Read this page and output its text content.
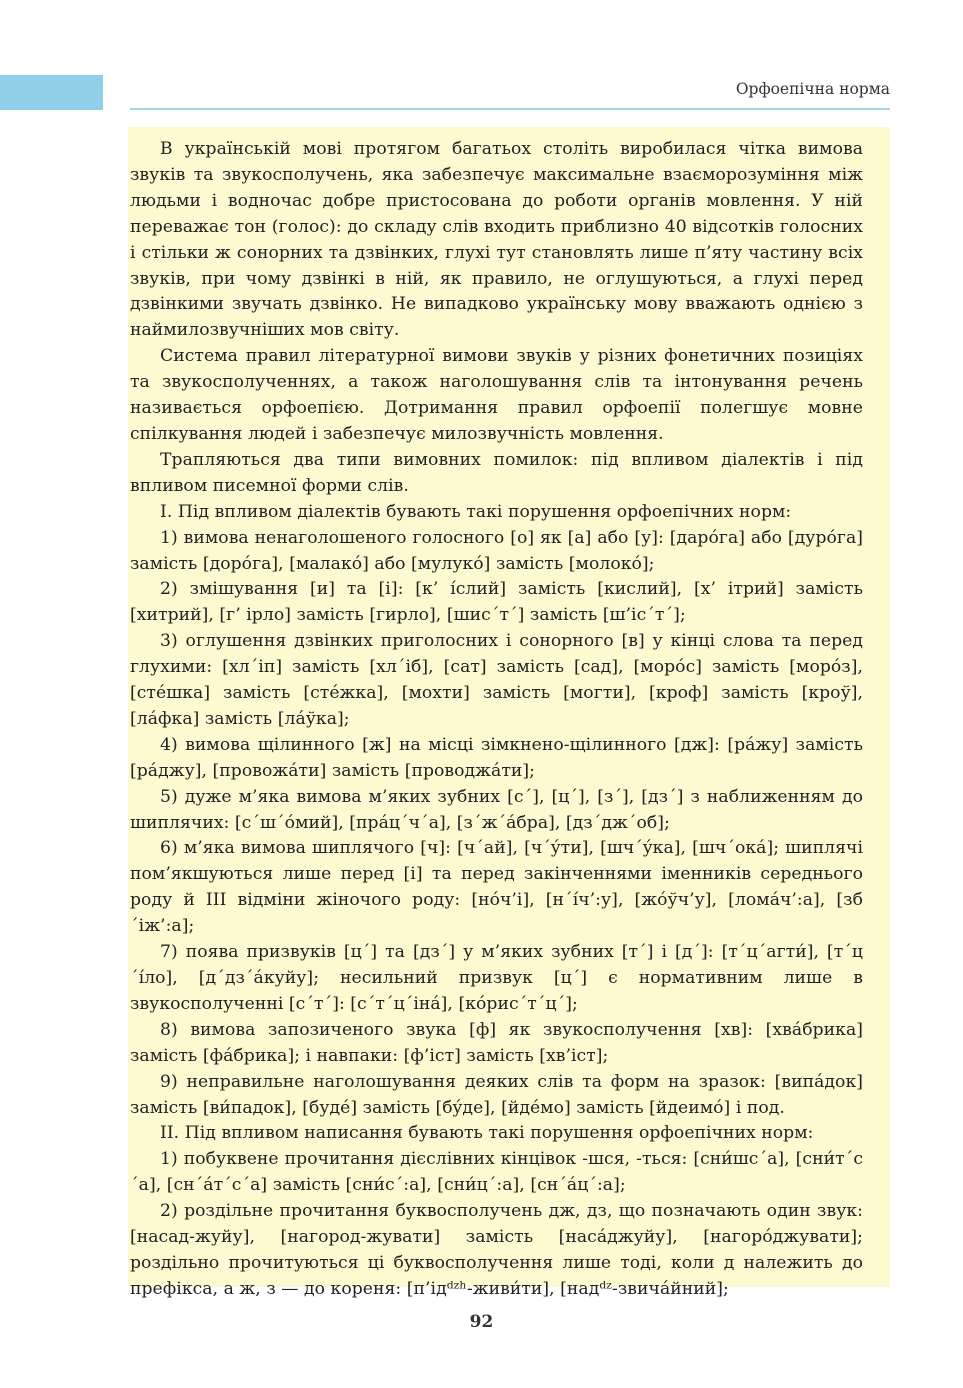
Орфоепічна норма

В українській мові протягом багатьох століть виробилася чітка вимова звуків та звукосполучень, яка забезпечує максимальне взаєморозуміння між людьми і водночас добре пристосована до роботи органів мовлення. У ній переважає тон (голос): до складу слів входить приблизно 40 відсотків голосних і стільки ж сонорних та дзвінких, глухі тут становлять лише п’яту частину всіх звуків, при чому дзвінкі в ній, як правило, не оглушуються, а глухі перед дзвінкими звучать дзвінко. Не випадково українську мову вважають однією з наймилозвучніших мов світу.

Система правил літературної вимови звуків у різних фонетичних позиціях та звукосполученнях, а також наголошування слів та інтонування речень називається орфоепією. Дотримання правил орфоепії полегшує мовне спілкування людей і забезпечує милозвучність мовлення.

Трапляються два типи вимовних помилок: під впливом діалектів і під впливом писемної форми слів.

І. Під впливом діалектів бувають такі порушення орфоепічних норм:

1) вимова ненаголошеного голосного [о] як [а] або [у]: [дарóга] або [дурóга] замість [дорóга], [малакó] або [мулукó] замість [молокó];

2) змішування [и] та [і]: [к’ íслий] замість [кислий], [х’ ітрий] замість [хитрий], [г’ ірло] замість [гирло], [шис´т´] замість [ш’іс´т´];

3) оглушення дзвінких приголосних і сонорного [в] у кінці слова та перед глухими: [хл´іп] замість [хл´іб], [сат] замість [сад], [морóс] замість [морóз], [стéшка] замість [стéжка], [мохти] замість [могти], [кроф] замість [кроў], [лáфка] замість [лáўка];

4) вимова щілинного [ж] на місці зімкнено-щілинного [дж]: [рáжу] замість [рáджу], [провожáти] замість [проводжáти];

5) дуже м’яка вимова м’яких зубних [с´], [ц´], [з´], [дз´] з наближенням до шиплячих: [с´ш´óмий], [прáц´ч´а], [з´ж´áбра], [дз´дж´об];

6) м’яка вимова шиплячого [ч]: [ч´ай], [ч´ýти], [шч´ýка], [шч´окá]; шиплячі пом’якшуються лише перед [і] та перед закінченнями іменників середнього роду й ІІІ відміни жіночого роду: [нóч’і], [н´íч’:у], [жóўч’у], [ломáч’:а], [зб´іж’:а];

7) поява призвуків [ц´] та [дз´] у м’яких зубних [т´] і [д´]: [т´ц´агти́], [т´ц´íло], [д´дз´áкуйу]; несильний призвук [ц´] є нормативним лише в звукосполученні [с´т´]: [с´т´ц´інá], [кóрис´т´ц´];

8) вимова запозиченого звука [ф] як звукосполучення [хв]: [хвáбрика] замість [фáбрика]; і навпаки: [ф’іст] замість [хв’іст];

9) неправильне наголошування деяких слів та форм на зразок: [випáдок] замість [ви́падок], [будé] замість [бýде], [йдéмо] замість [йдеимó] і под.

ІІ. Під впливом написання бувають такі порушення орфоепічних норм:

1) побуквене прочитання дієслівних кінцівок -шся, -ться: [сни́шс´а], [сни́т´с´а], [сн´áт´с´а] замість [сни́с´:а], [сни́ц´:а], [сн´áц´:а];

2) роздільне прочитання буквосполучень дж, дз, що позначають один звук: [насад-жуйу], [нагород-жувати] замість [насáджуйу], [нагорóджувати]; роздільно прочитуються ці буквосполучення лише тоді, коли д належить до префікса, а ж, з — до кореня: [п’ідᵈᶻʰ-живи́ти], [надᵈᶻ-звичáйний];

92
